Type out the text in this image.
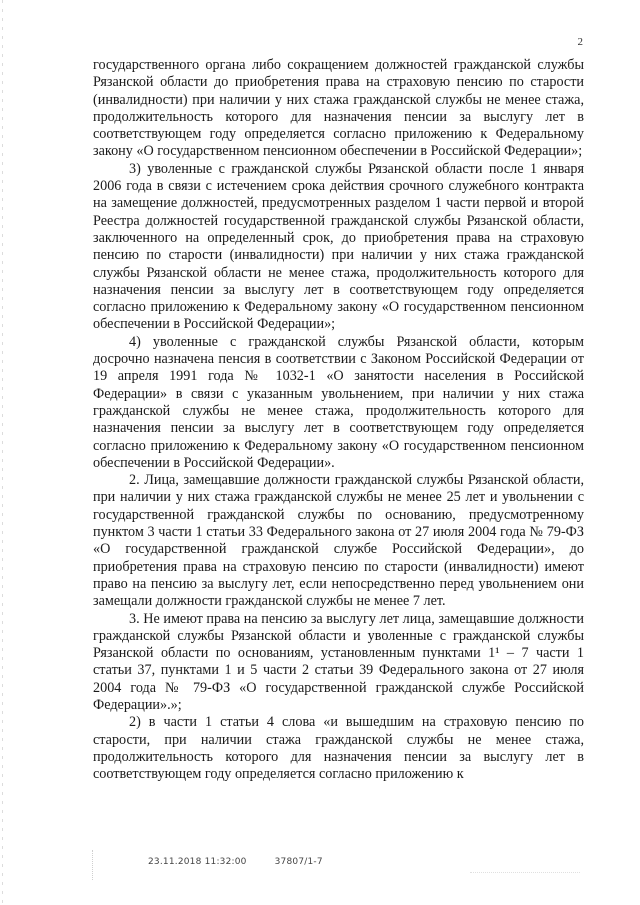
2

государственного органа либо сокращением должностей гражданской службы Рязанской области до приобретения права на страховую пенсию по старости (инвалидности) при наличии у них стажа гражданской службы не менее стажа, продолжительность которого для назначения пенсии за выслугу лет в соответствующем году определяется согласно приложению к Федеральному закону «О государственном пенсионном обеспечении в Российской Федерации»;

3) уволенные с гражданской службы Рязанской области после 1 января 2006 года в связи с истечением срока действия срочного служебного контракта на замещение должностей, предусмотренных разделом 1 части первой и второй Реестра должностей государственной гражданской службы Рязанской области, заключенного на определенный срок, до приобретения права на страховую пенсию по старости (инвалидности) при наличии у них стажа гражданской службы Рязанской области не менее стажа, продолжительность которого для назначения пенсии за выслугу лет в соответствующем году определяется согласно приложению к Федеральному закону «О государственном пенсионном обеспечении в Российской Федерации»;

4) уволенные с гражданской службы Рязанской области, которым досрочно назначена пенсия в соответствии с Законом Российской Федерации от 19 апреля 1991 года № 1032-1 «О занятости населения в Российской Федерации» в связи с указанным увольнением, при наличии у них стажа гражданской службы не менее стажа, продолжительность которого для назначения пенсии за выслугу лет в соответствующем году определяется согласно приложению к Федеральному закону «О государственном пенсионном обеспечении в Российской Федерации».

2. Лица, замещавшие должности гражданской службы Рязанской области, при наличии у них стажа гражданской службы не менее 25 лет и увольнении с государственной гражданской службы по основанию, предусмотренному пунктом 3 части 1 статьи 33 Федерального закона от 27 июля 2004 года № 79-ФЗ «О государственной гражданской службе Российской Федерации», до приобретения права на страховую пенсию по старости (инвалидности) имеют право на пенсию за выслугу лет, если непосредственно перед увольнением они замещали должности гражданской службы не менее 7 лет.

3. Не имеют права на пенсию за выслугу лет лица, замещавшие должности гражданской службы Рязанской области и уволенные с гражданской службы Рязанской области по основаниям, установленным пунктами 1¹ – 7 части 1 статьи 37, пунктами 1 и 5 части 2 статьи 39 Федерального закона от 27 июля 2004 года № 79-ФЗ «О государственной гражданской службе Российской Федерации».»;

2) в части 1 статьи 4 слова «и вышедшим на страховую пенсию по старости, при наличии стажа гражданской службы не менее стажа, продолжительность которого для назначения пенсии за выслугу лет в соответствующем году определяется согласно приложению к

23.11.2018 11:32:00	37807/1-7
